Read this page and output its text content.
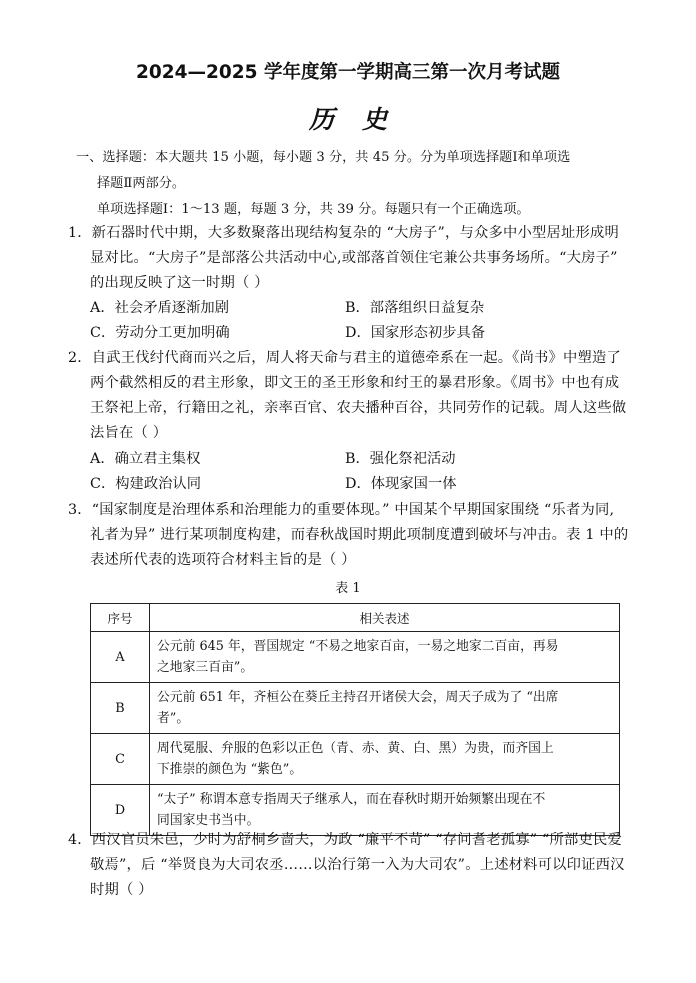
2024—2025 学年度第一学期高三第一次月考试题
历史
一、选择题：本大题共 15 小题，每小题 3 分，共 45 分。分为单项选择题Ⅰ和单项选
择题Ⅱ两部分。
单项选择题Ⅰ：1～13 题，每题 3 分，共 39 分。每题只有一个正确选项。
1．新石器时代中期，大多数聚落出现结构复杂的 “大房子”，与众多中小型居址形成明
显对比。“大房子”是部落公共活动中心,或部落首领住宅兼公共事务场所。“大房子”
的出现反映了这一时期（ ）
A．社会矛盾逐渐加剧	B．部落组织日益复杂
C．劳动分工更加明确	D．国家形态初步具备
2．自武王伐纣代商而兴之后，周人将天命与君主的道德牵系在一起。《尚书》中塑造了
两个截然相反的君主形象，即文王的圣王形象和纣王的暴君形象。《周书》中也有成
王祭祀上帝，行籍田之礼，亲率百官、农夫播种百谷，共同劳作的记载。周人这些做
法旨在（ ）
A．确立君主集权	B．强化祭祀活动
C．构建政治认同	D．体现家国一体
3．“国家制度是治理体系和治理能力的重要体现。” 中国某个早期国家围绕 “乐者为同,
礼者为异” 进行某项制度构建，而春秋战国时期此项制度遭到破坏与冲击。表 1 中的
表述所代表的选项符合材料主旨的是（ ）
表 1
序号	相关表述
A	公元前 645 年，晋国规定 “不易之地家百亩，一易之地家二百亩，再易
之地家三百亩”。
B	公元前 651 年，齐桓公在葵丘主持召开诸侯大会，周天子成为了 “出席
者”。
C	周代冕服、弁服的色彩以正色（青、赤、黄、白、黑）为贵，而齐国上
下推崇的颜色为 “紫色”。
D	“太子” 称谓本意专指周天子继承人，而在春秋时期开始频繁出现在不
同国家史书当中。
4．西汉官员朱邑，少时为舒桐乡啬夫，为政 “廉平不苛” “存问耆老孤寡” “所部吏民爱
敬焉”，后 “举贤良为大司农丞……以治行第一入为大司农”。上述材料可以印证西汉
时期（ ）
